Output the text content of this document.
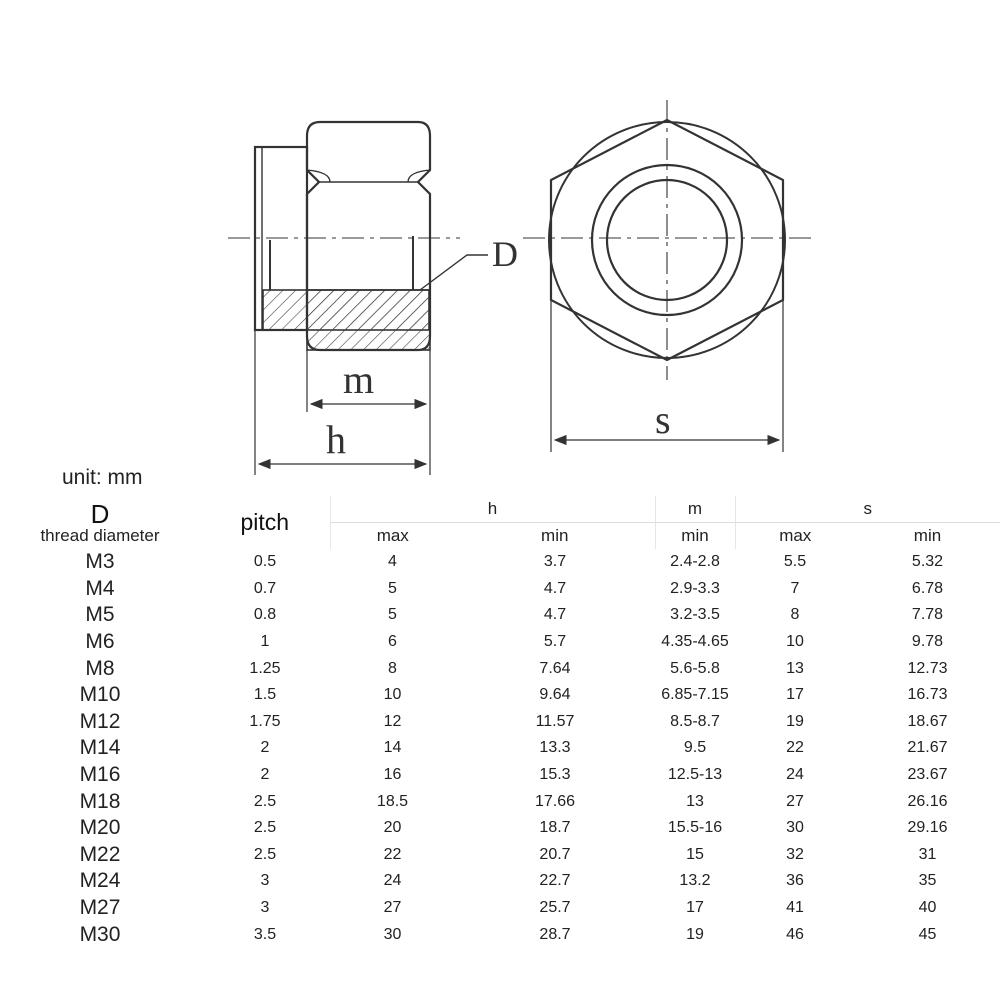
D
m
h	s
unit: mm
D
thread diameter	pitch	h		m	s	
		max	min	min	max	min
M3	0.5	4	3.7	2.4-2.8	5.5	5.32
M4	0.7	5	4.7	2.9-3.3	7	6.78
M5	0.8	5	4.7	3.2-3.5	8	7.78
M6	1	6	5.7	4.35-4.65	10	9.78
M8	1.25	8	7.64	5.6-5.8	13	12.73
M10	1.5	10	9.64	6.85-7.15	17	16.73
M12	1.75	12	11.57	8.5-8.7	19	18.67
M14	2	14	13.3	9.5	22	21.67
M16	2	16	15.3	12.5-13	24	23.67
M18	2.5	18.5	17.66	13	27	26.16
M20	2.5	20	18.7	15.5-16	30	29.16
M22	2.5	22	20.7	15	32	31
M24	3	24	22.7	13.2	36	35
M27	3	27	25.7	17	41	40
M30	3.5	30	28.7	19	46	45
